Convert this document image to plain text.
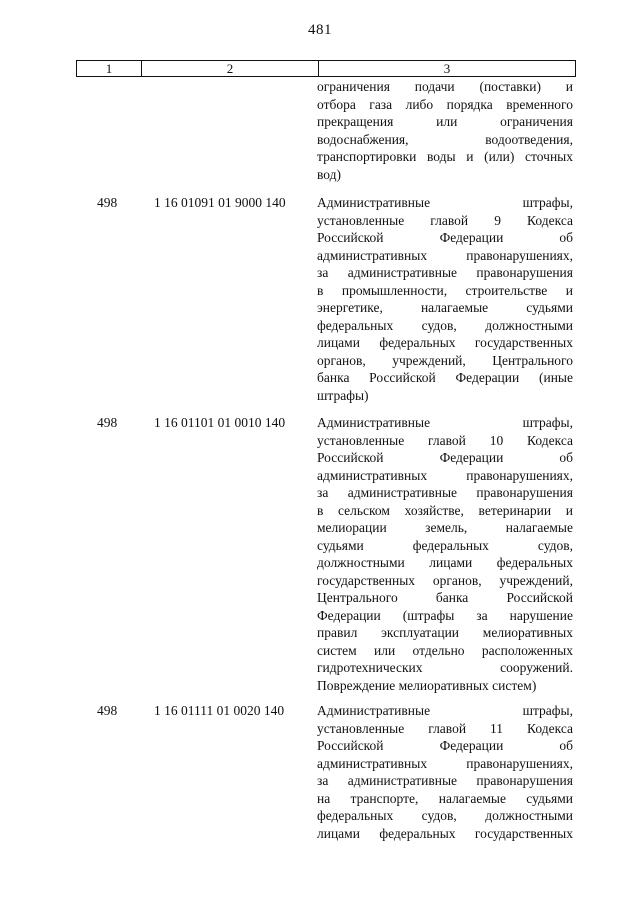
481
1	2	3
ограничения подачи (поставки) и
отбора газа либо порядка временного
прекращения или ограничения
водоснабжения, водоотведения,
транспортировки воды и (или) сточных
вод)
498	1 16 01091 01 9000 140	Административные штрафы,
установленные главой 9 Кодекса
Российской Федерации об
административных правонарушениях,
за административные правонарушения
в промышленности, строительстве и
энергетике, налагаемые судьями
федеральных судов, должностными
лицами федеральных государственных
органов, учреждений, Центрального
банка Российской Федерации (иные
штрафы)
498	1 16 01101 01 0010 140	Административные штрафы,
установленные главой 10 Кодекса
Российской Федерации об
административных правонарушениях,
за административные правонарушения
в сельском хозяйстве, ветеринарии и
мелиорации земель, налагаемые
судьями федеральных судов,
должностными лицами федеральных
государственных органов, учреждений,
Центрального банка Российской
Федерации (штрафы за нарушение
правил эксплуатации мелиоративных
систем или отдельно расположенных
гидротехнических сооружений.
Повреждение мелиоративных систем)
498	1 16 01111 01 0020 140	Административные штрафы,
установленные главой 11 Кодекса
Российской Федерации об
административных правонарушениях,
за административные правонарушения
на транспорте, налагаемые судьями
федеральных судов, должностными
лицами федеральных государственных
